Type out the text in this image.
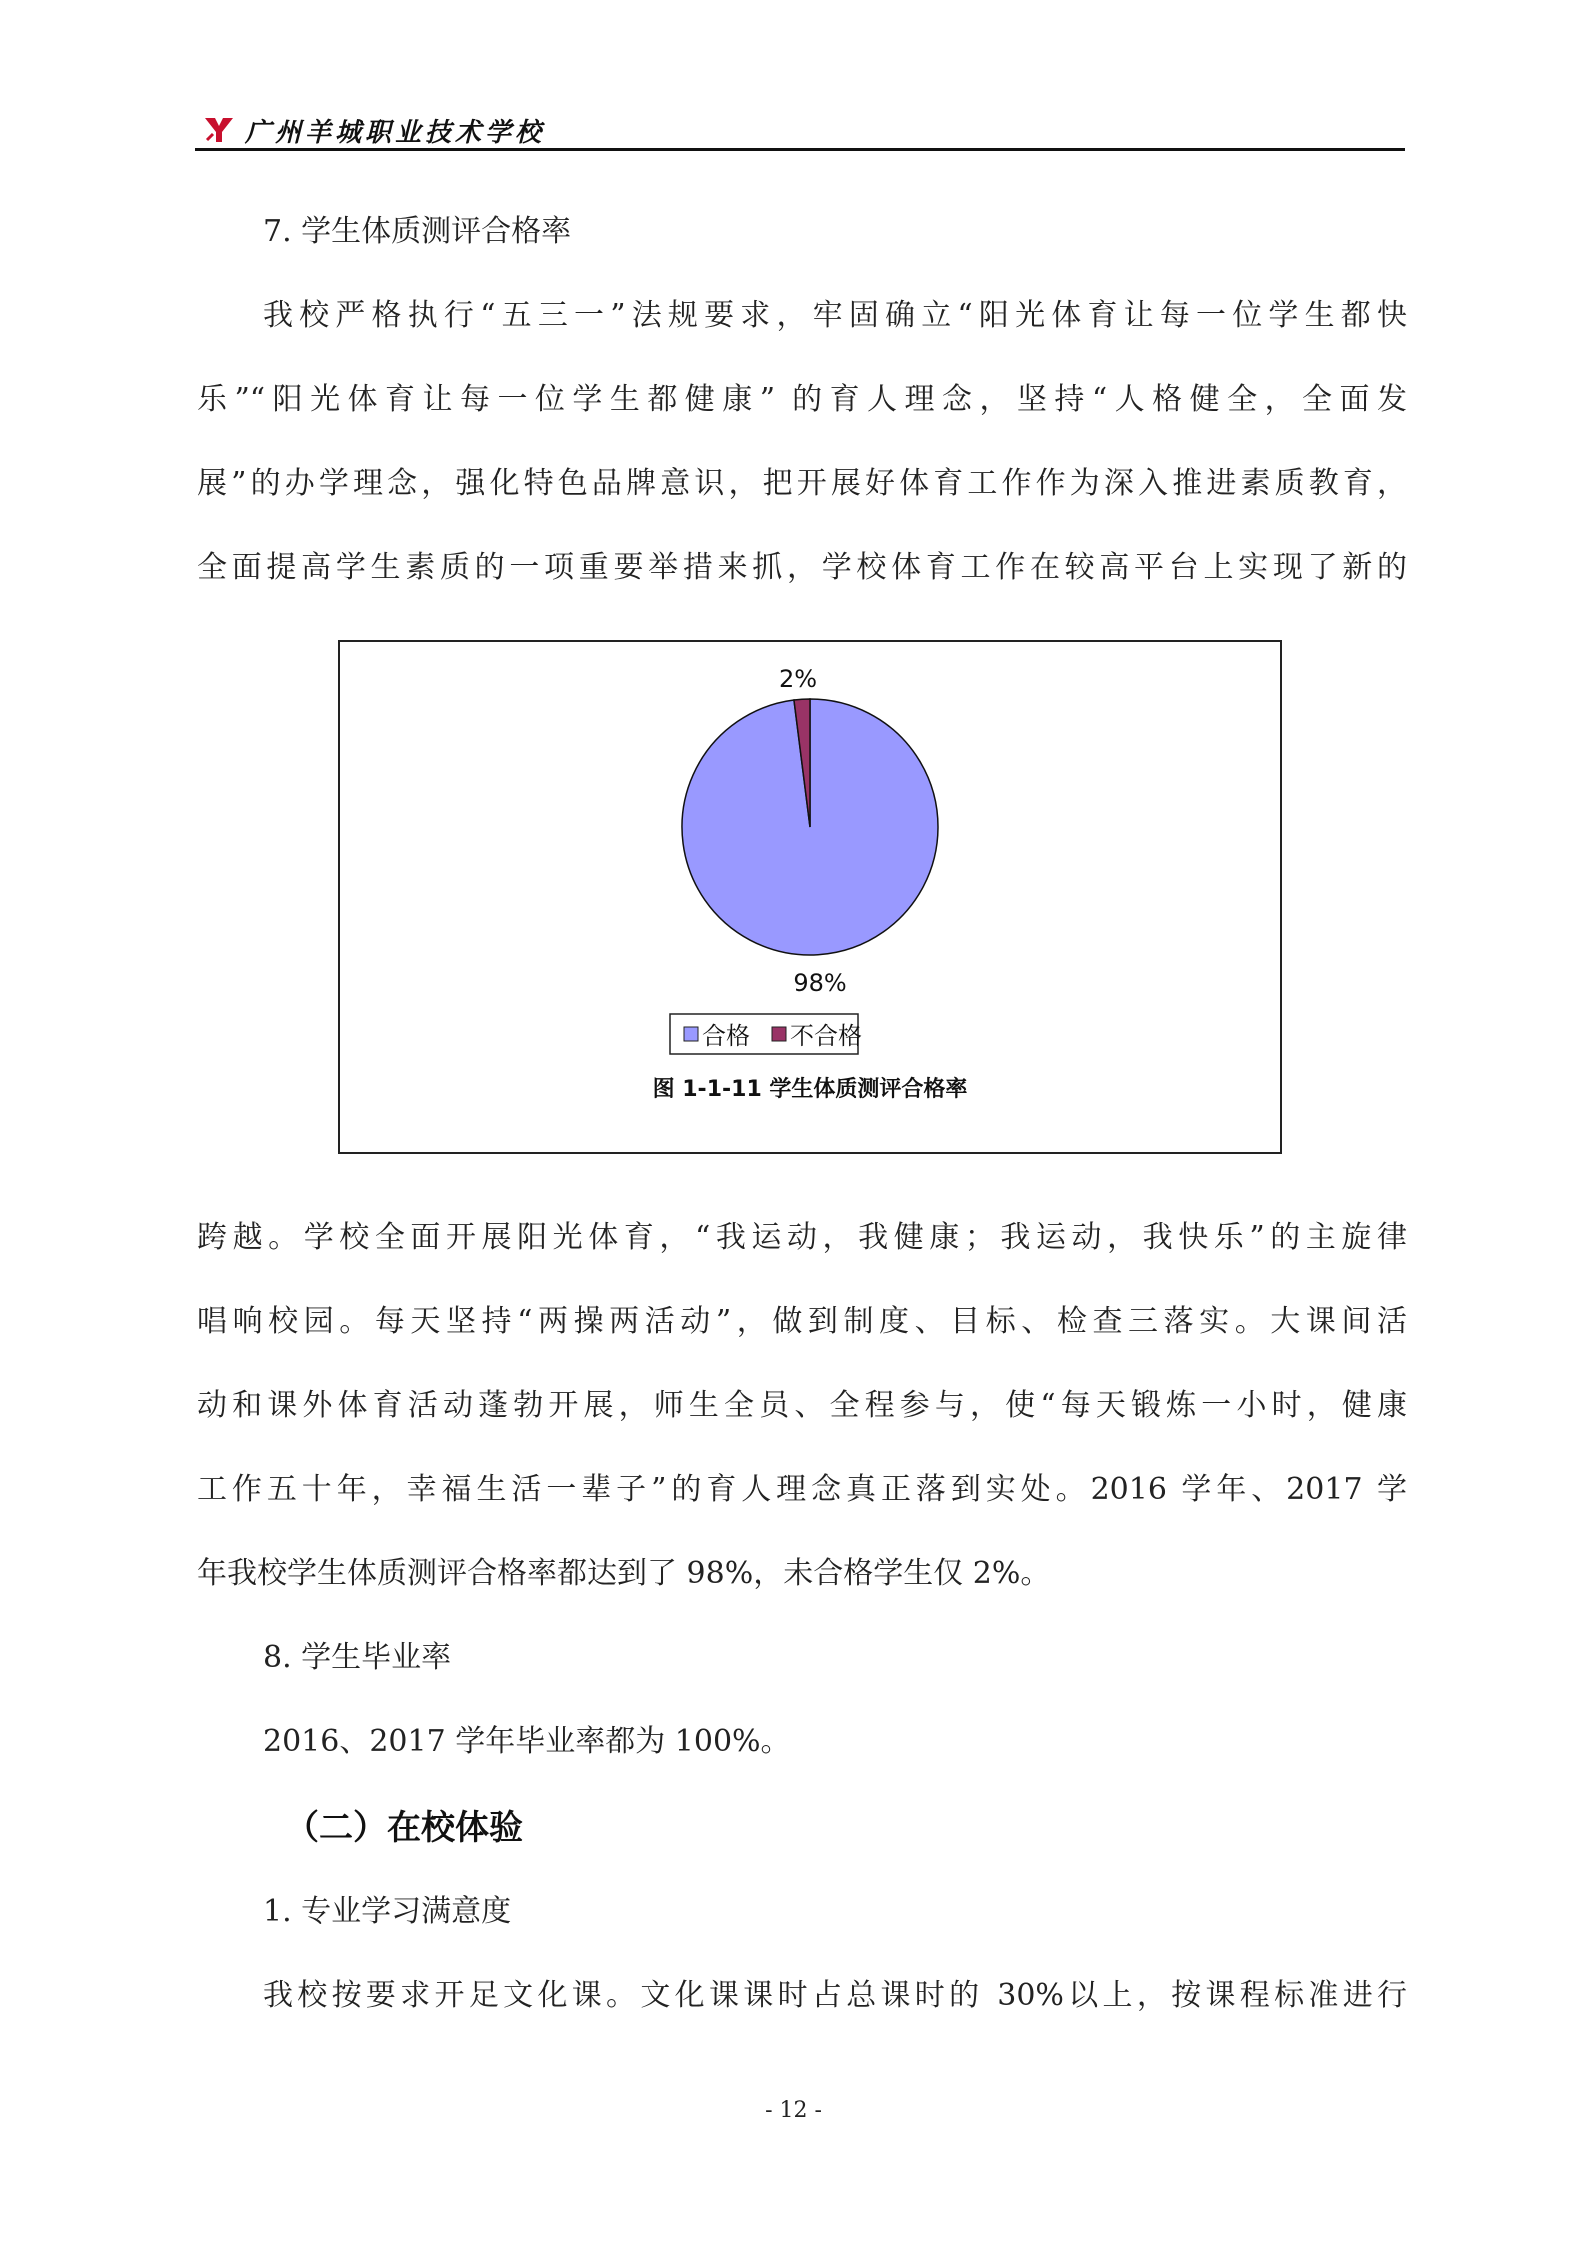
广州羊城职业技术学校
7. 学生体质测评合格率
我校严格执行“五三一”法规要求，牢固确立“阳光体育让每一位学生都快
乐”“阳光体育让每一位学生都健康” 的育人理念，坚持“人格健全，全面发
展”的办学理念，强化特色品牌意识，把开展好体育工作作为深入推进素质教育，
全面提高学生素质的一项重要举措来抓，学校体育工作在较高平台上实现了新的
98%
2%
合格 不合格
图 1-1-11 学生体质测评合格率
跨越。学校全面开展阳光体育，“我运动，我健康；我运动，我快乐”的主旋律
唱响校园。每天坚持“两操两活动”，做到制度、目标、检查三落实。大课间活
动和课外体育活动蓬勃开展，师生全员、全程参与，使“每天锻炼一小时，健康
工作五十年，幸福生活一辈子”的育人理念真正落到实处。2016 学年、2017 学
年我校学生体质测评合格率都达到了 98%，未合格学生仅 2%。
8. 学生毕业率
2016、2017 学年毕业率都为 100%。
（二）在校体验
1. 专业学习满意度
我校按要求开足文化课。文化课课时占总课时的 30%以上，按课程标准进行
- 12 -
